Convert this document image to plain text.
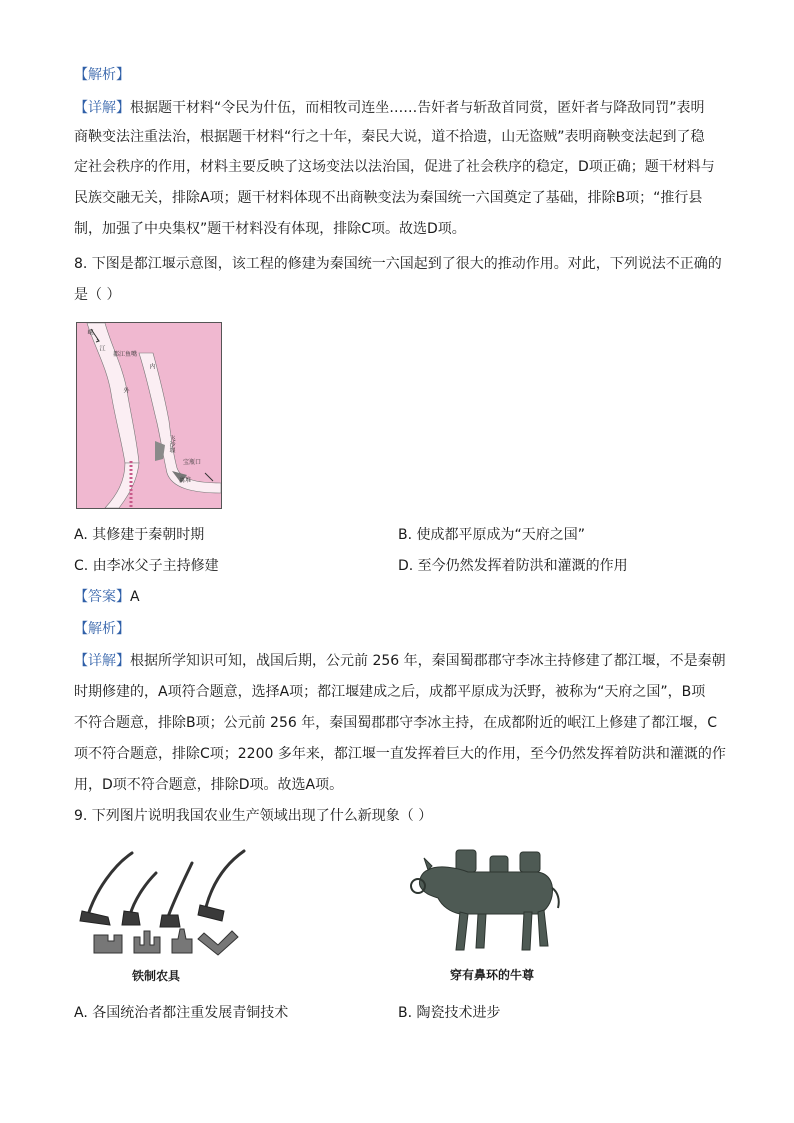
【解析】
【详解】根据题干材料“令民为什伍，而相牧司连坐……告奸者与斩敌首同赏，匿奸者与降敌同罚”表明
商鞅变法注重法治，根据题干材料“行之十年，秦民大说，道不拾遗，山无盗贼”表明商鞅变法起到了稳
定社会秩序的作用，材料主要反映了这场变法以法治国，促进了社会秩序的稳定，D项正确；题干材料与
民族交融无关，排除A项；题干材料体现不出商鞅变法为秦国统一六国奠定了基础，排除B项；“推行县
制，加强了中央集权”题干材料没有体现，排除C项。故选D项。
8. 下图是都江堰示意图，该工程的修建为秦国统一六国起到了很大的推动作用。对此，下列说法不正确的
是（ ）
岷
江
都江鱼嘴
内
外
飞沙堰
宝瓶口
离堆
A. 其修建于秦朝时期	B. 使成都平原成为“天府之国”
C. 由李冰父子主持修建	D. 至今仍然发挥着防洪和灌溉的作用
【答案】A
【解析】
【详解】根据所学知识可知，战国后期，公元前 256 年，秦国蜀郡郡守李冰主持修建了都江堰，不是秦朝
时期修建的，A项符合题意，选择A项；都江堰建成之后，成都平原成为沃野，被称为“天府之国”，B项
不符合题意，排除B项；公元前 256 年，秦国蜀郡郡守李冰主持，在成都附近的岷江上修建了都江堰，C
项不符合题意，排除C项；2200 多年来，都江堰一直发挥着巨大的作用，至今仍然发挥着防洪和灌溉的作
用，D项不符合题意，排除D项。故选A项。
9. 下列图片说明我国农业生产领域出现了什么新现象（ ）
铁制农具	穿有鼻环的牛尊
A. 各国统治者都注重发展青铜技术	B. 陶瓷技术进步
